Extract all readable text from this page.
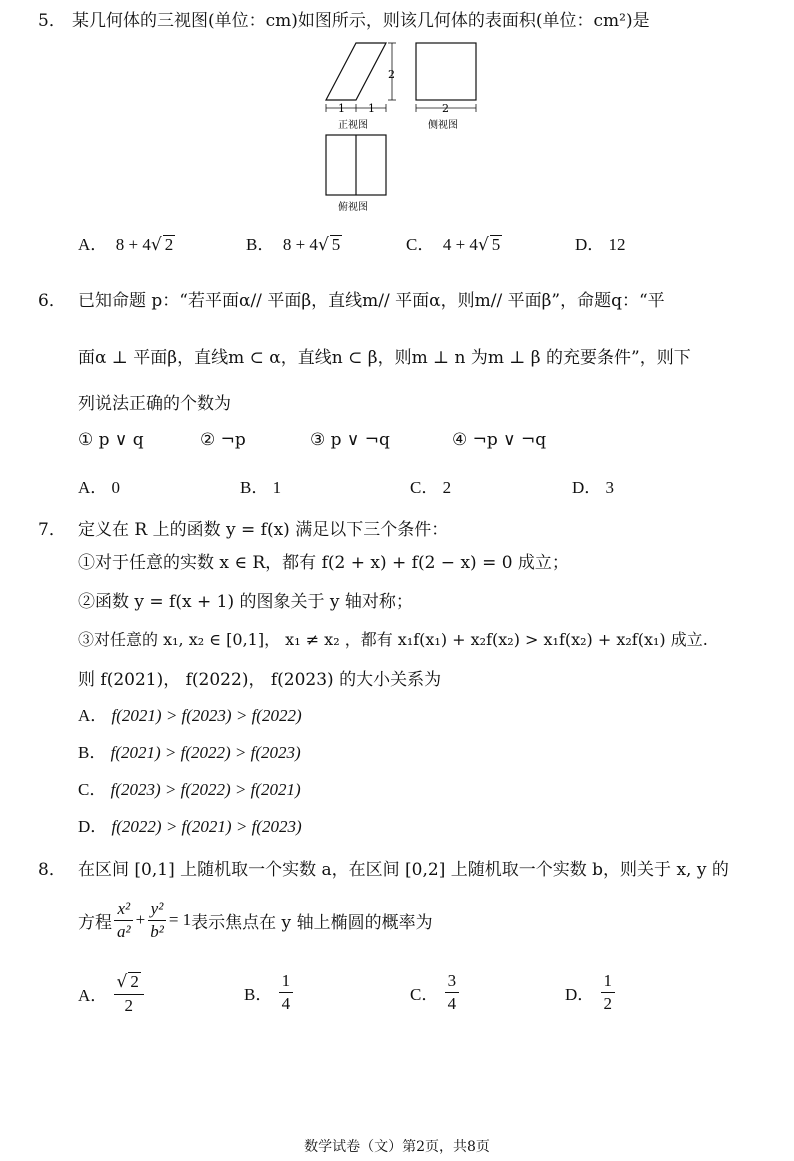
5． 某几何体的三视图(单位：cm)如图所示，则该几何体的表面积(单位：cm²)是
2
1 1
正视图
2
侧视图
俯视图
A． 8 + 4√ 2	B． 8 + 4√ 5	C． 4 + 4√ 5	D． 12
6． 已知命题 p：“若平面α// 平面β，直线m// 平面α，则m// 平面β”，命题q：“平
面α ⊥ 平面β，直线m ⊂ α，直线n ⊂ β，则m ⊥ n 为m ⊥ β 的充要条件”，则下
列说法正确的个数为
① p ∨ q	② ¬p	③ p ∨ ¬q	④ ¬p ∨ ¬q
A． 0	B． 1	C． 2	D． 3
7． 定义在 R 上的函数 y = f(x) 满足以下三个条件：
①对于任意的实数 x ∈ R，都有 f(2 + x) + f(2 − x) = 0 成立；
②函数 y = f(x + 1) 的图象关于 y 轴对称；
③对任意的 x₁, x₂ ∈ [0,1]， x₁ ≠ x₂ ，都有 x₁f(x₁) + x₂f(x₂) > x₁f(x₂) + x₂f(x₁) 成立.
则 f(2021)， f(2022)， f(2023) 的大小关系为
A． f(2021) > f(2023) > f(2022)
B． f(2021) > f(2022) > f(2023)
C． f(2023) > f(2022) > f(2021)
D． f(2022) > f(2021) > f(2023)
8． 在区间 [0,1] 上随机取一个实数 a，在区间 [0,2] 上随机取一个实数 b，则关于 x, y 的
方程 $\frac{\text{x²}}{\text{a²}} + \frac{\text{y²}}{\text{b²}} = 1$ 表示焦点在 y 轴上椭圆的概率为
A．
$\frac{√ 2}{2}$	B．
$\frac{1}{4}$	C．
$\frac{3}{4}$	D．
$\frac{1}{2}$
数学试卷（文）第2页，共8页
